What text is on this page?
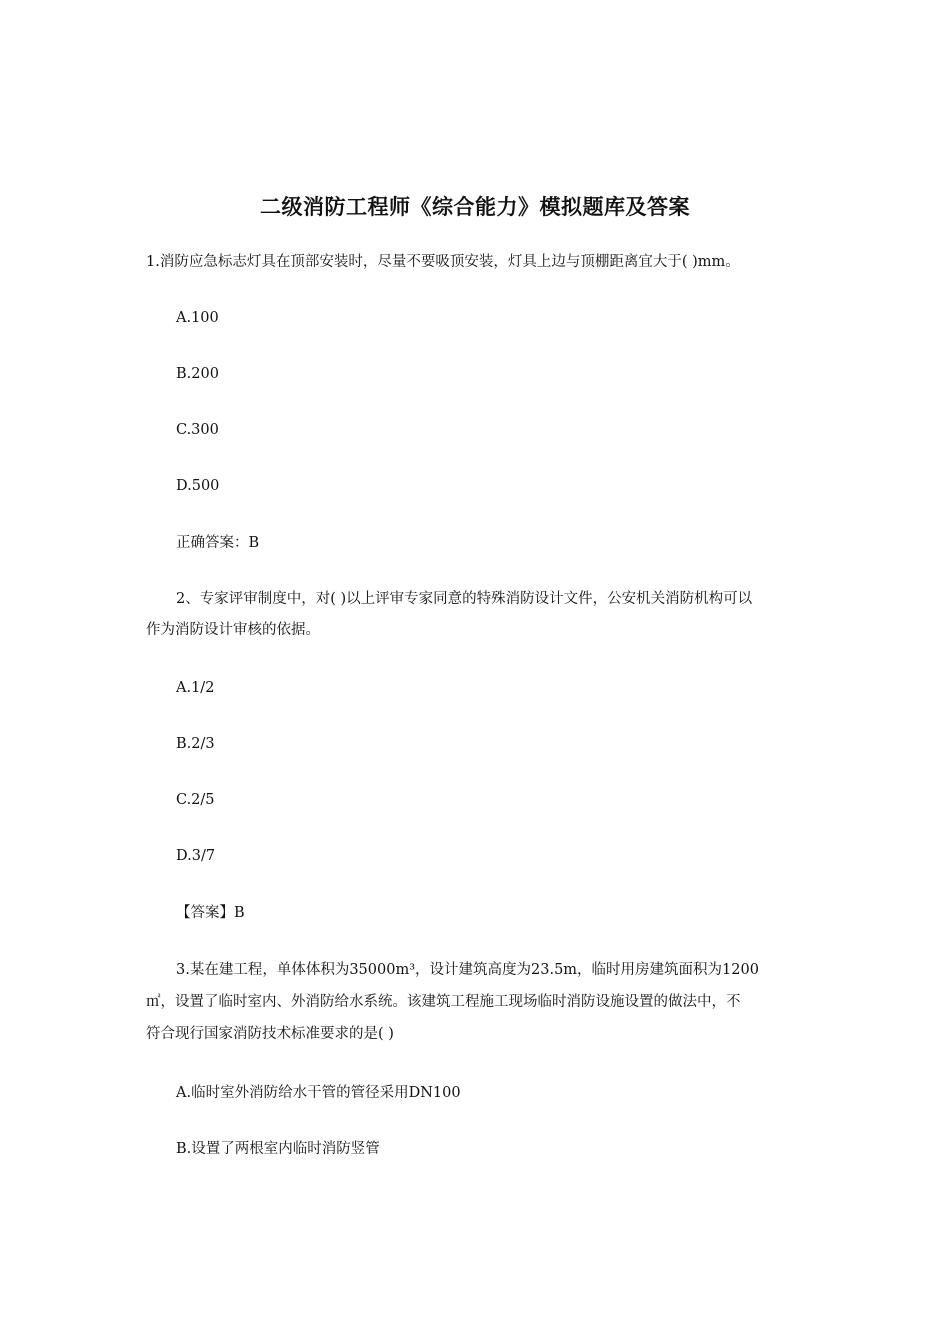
二级消防工程师《综合能力》模拟题库及答案
1.消防应急标志灯具在顶部安装时，尽量不要吸顶安装，灯具上边与顶棚距离宜大于( )mm。
A.100
B.200
C.300
D.500
正确答案：B
2、专家评审制度中，对( )以上评审专家同意的特殊消防设计文件，公安机关消防机构可以
作为消防设计审核的依据。
A.1/2
B.2/3
C.2/5
D.3/7
【答案】B
3.某在建工程，单体体积为35000m³，设计建筑高度为23.5m，临时用房建筑面积为1200
㎡，设置了临时室内、外消防给水系统。该建筑工程施工现场临时消防设施设置的做法中，不
符合现行国家消防技术标准要求的是( )
A.临时室外消防给水干管的管径采用DN100
B.设置了两根室内临时消防竖管
